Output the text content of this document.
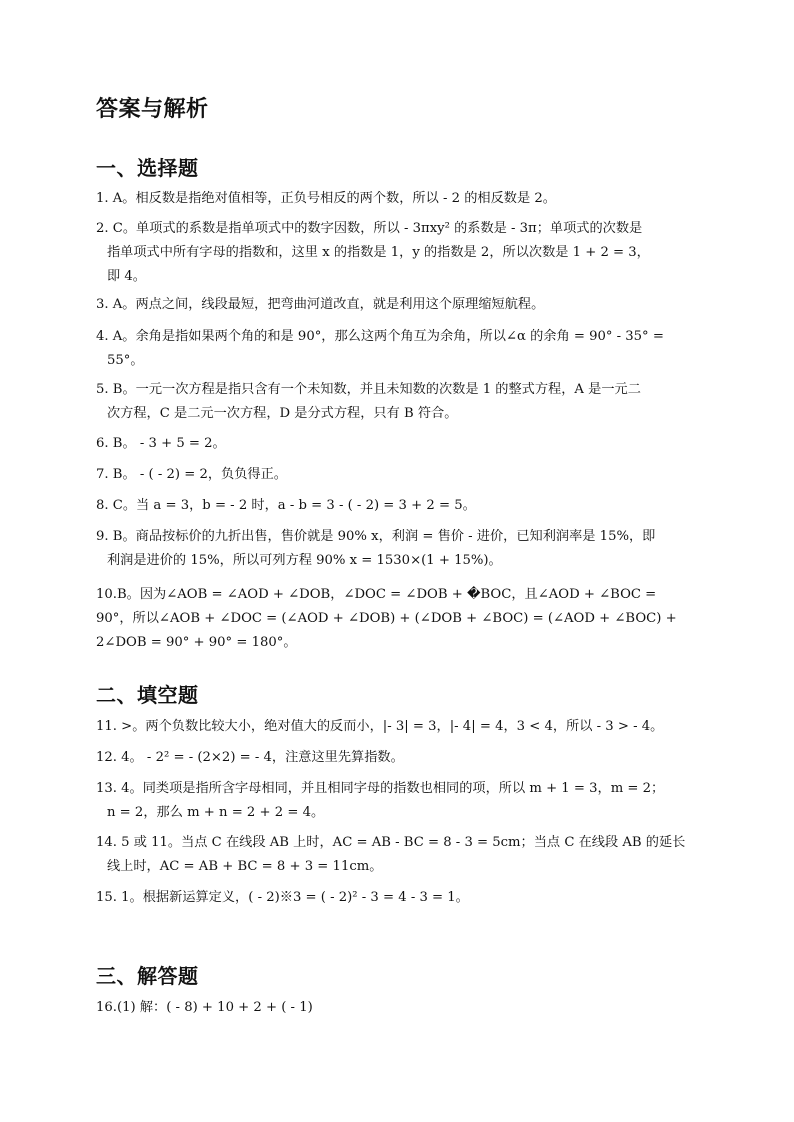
答案与解析
一、选择题
1. A。相反数是指绝对值相等，正负号相反的两个数，所以 - 2 的相反数是 2。
2. C。单项式的系数是指单项式中的数字因数，所以 - 3πxy² 的系数是 - 3π；单项式的次数是
指单项式中所有字母的指数和，这里 x 的指数是 1，y 的指数是 2，所以次数是 1 + 2 = 3，
即 4。
3. A。两点之间，线段最短，把弯曲河道改直，就是利用这个原理缩短航程。
4. A。余角是指如果两个角的和是 90°，那么这两个角互为余角，所以∠α 的余角 = 90° - 35° =
55°。
5. B。一元一次方程是指只含有一个未知数，并且未知数的次数是 1 的整式方程，A 是一元二
次方程，C 是二元一次方程，D 是分式方程，只有 B 符合。
6. B。 - 3 + 5 = 2。
7. B。 - ( - 2) = 2，负负得正。
8. C。当 a = 3，b = - 2 时，a - b = 3 - ( - 2) = 3 + 2 = 5。
9. B。商品按标价的九折出售，售价就是 90% x，利润 = 售价 - 进价，已知利润率是 15%，即
利润是进价的 15%，所以可列方程 90% x = 1530×(1 + 15%)。
10.B。因为∠AOB = ∠AOD + ∠DOB，∠DOC = ∠DOB + �BOC，且∠AOD + ∠BOC =
90°，所以∠AOB + ∠DOC = (∠AOD + ∠DOB) + (∠DOB + ∠BOC) = (∠AOD + ∠BOC) +
2∠DOB = 90° + 90° = 180°。
二、填空题
11. >。两个负数比较大小，绝对值大的反而小，|- 3| = 3，|- 4| = 4，3 < 4，所以 - 3 > - 4。
12. 4。 - 2² = - (2×2) = - 4，注意这里先算指数。
13. 4。同类项是指所含字母相同，并且相同字母的指数也相同的项，所以 m + 1 = 3，m = 2；
n = 2，那么 m + n = 2 + 2 = 4。
14. 5 或 11。当点 C 在线段 AB 上时，AC = AB - BC = 8 - 3 = 5cm；当点 C 在线段 AB 的延长
线上时，AC = AB + BC = 8 + 3 = 11cm。
15. 1。根据新运算定义，( - 2)※3 = ( - 2)² - 3 = 4 - 3 = 1。
三、解答题
16.(1) 解：( - 8) + 10 + 2 + ( - 1)
